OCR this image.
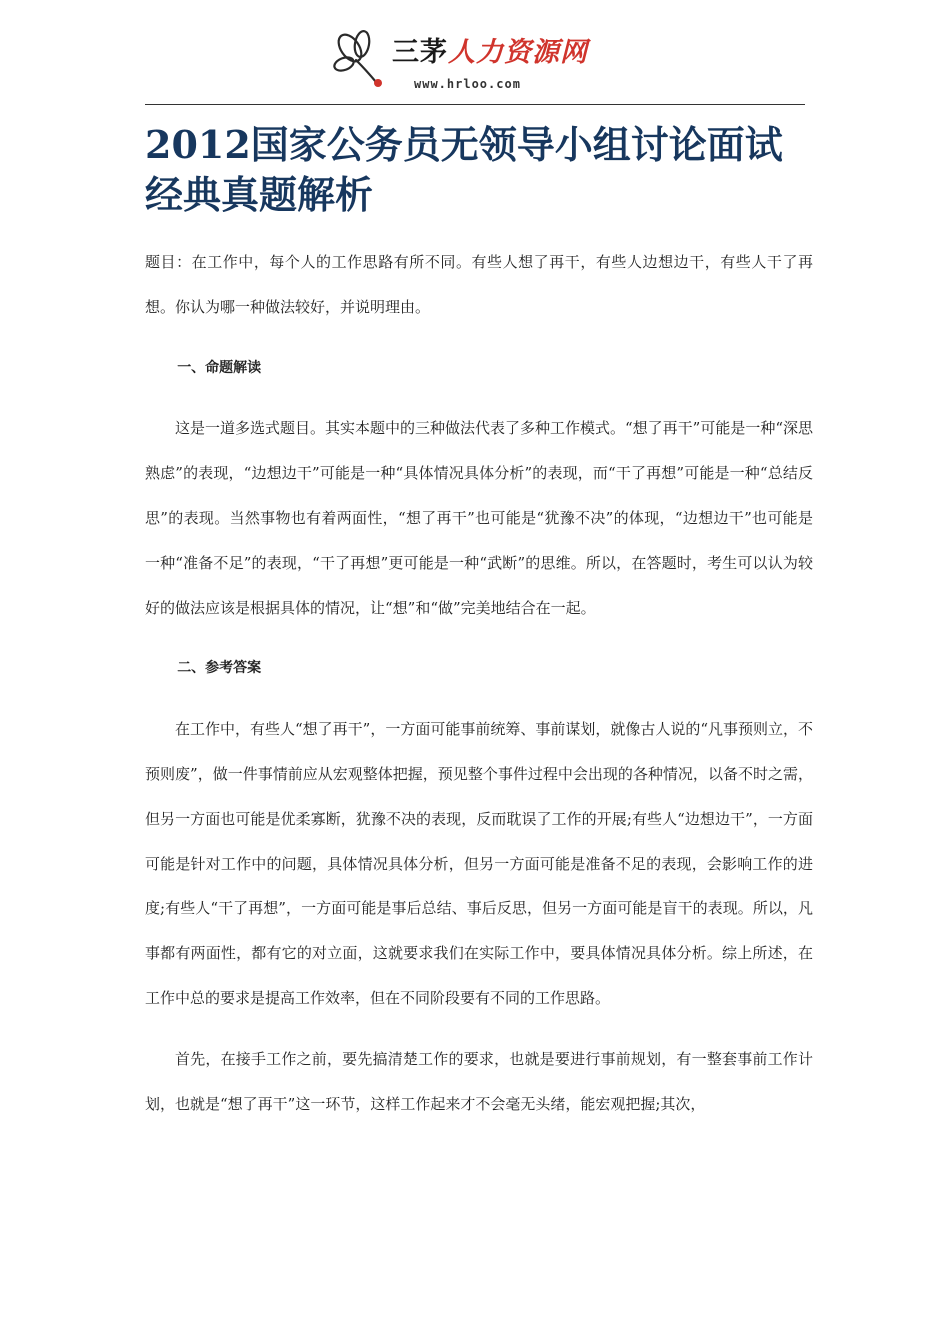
三茅人力资源网
www.hrloo.com
2012国家公务员无领导小组讨论面试经典真题解析

题目：在工作中，每个人的工作思路有所不同。有些人想了再干，有些人边想边干，有些人干了再想。你认为哪一种做法较好，并说明理由。

一、命题解读

这是一道多选式题目。其实本题中的三种做法代表了多种工作模式。“想了再干”可能是一种“深思熟虑”的表现，“边想边干”可能是一种“具体情况具体分析”的表现，而“干了再想”可能是一种“总结反思”的表现。当然事物也有着两面性，“想了再干”也可能是“犹豫不决”的体现，“边想边干”也可能是一种“准备不足”的表现，“干了再想”更可能是一种“武断”的思维。所以，在答题时，考生可以认为较好的做法应该是根据具体的情况，让“想”和“做”完美地结合在一起。

二、参考答案

在工作中，有些人“想了再干”，一方面可能事前统筹、事前谋划，就像古人说的“凡事预则立，不预则废”，做一件事情前应从宏观整体把握，预见整个事件过程中会出现的各种情况，以备不时之需，但另一方面也可能是优柔寡断，犹豫不决的表现，反而耽误了工作的开展;有些人“边想边干”，一方面可能是针对工作中的问题，具体情况具体分析，但另一方面可能是准备不足的表现，会影响工作的进度;有些人“干了再想”，一方面可能是事后总结、事后反思，但另一方面可能是盲干的表现。所以，凡事都有两面性，都有它的对立面，这就要求我们在实际工作中，要具体情况具体分析。综上所述，在工作中总的要求是提高工作效率，但在不同阶段要有不同的工作思路。

首先，在接手工作之前，要先搞清楚工作的要求，也就是要进行事前规划，有一整套事前工作计划，也就是“想了再干”这一环节，这样工作起来才不会毫无头绪，能宏观把握;其次，
